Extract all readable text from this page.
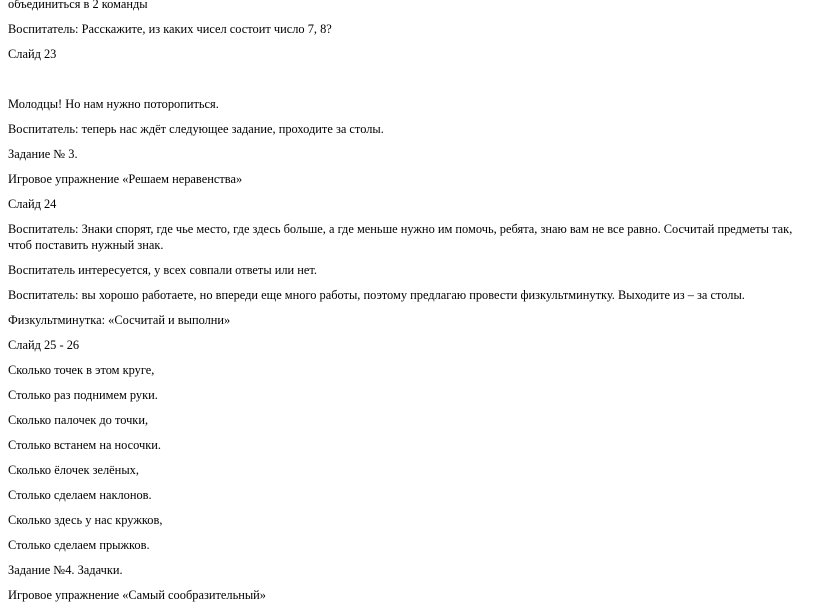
объединиться в 2 команды

Воспитатель: Расскажите, из каких чисел состоит число 7, 8?

Слайд 23

Молодцы! Но нам нужно поторопиться.

Воспитатель: теперь нас ждёт следующее задание, проходите за столы.

Задание № 3.

Игровое упражнение «Решаем неравенства»

Слайд 24

Воспитатель: Знаки спорят, где чье место, где здесь больше, а где меньше нужно им помочь, ребята, знаю вам не все равно. Сосчитай предметы так, чтоб поставить нужный знак.

Воспитатель интересуется, у всех совпали ответы или нет.

Воспитатель: вы хорошо работаете, но впереди еще много работы, поэтому предлагаю провести физкультминутку. Выходите из – за столы.

Физкультминутка: «Сосчитай и выполни»

Слайд 25 - 26

Сколько точек в этом круге,

Столько раз поднимем руки.

Сколько палочек до точки,

Столько встанем на носочки.

Сколько ёлочек зелёных,

Столько сделаем наклонов.

Сколько здесь у нас кружков,

Столько сделаем прыжков.

Задание №4. Задачки.

Игровое упражнение «Самый сообразительный»
